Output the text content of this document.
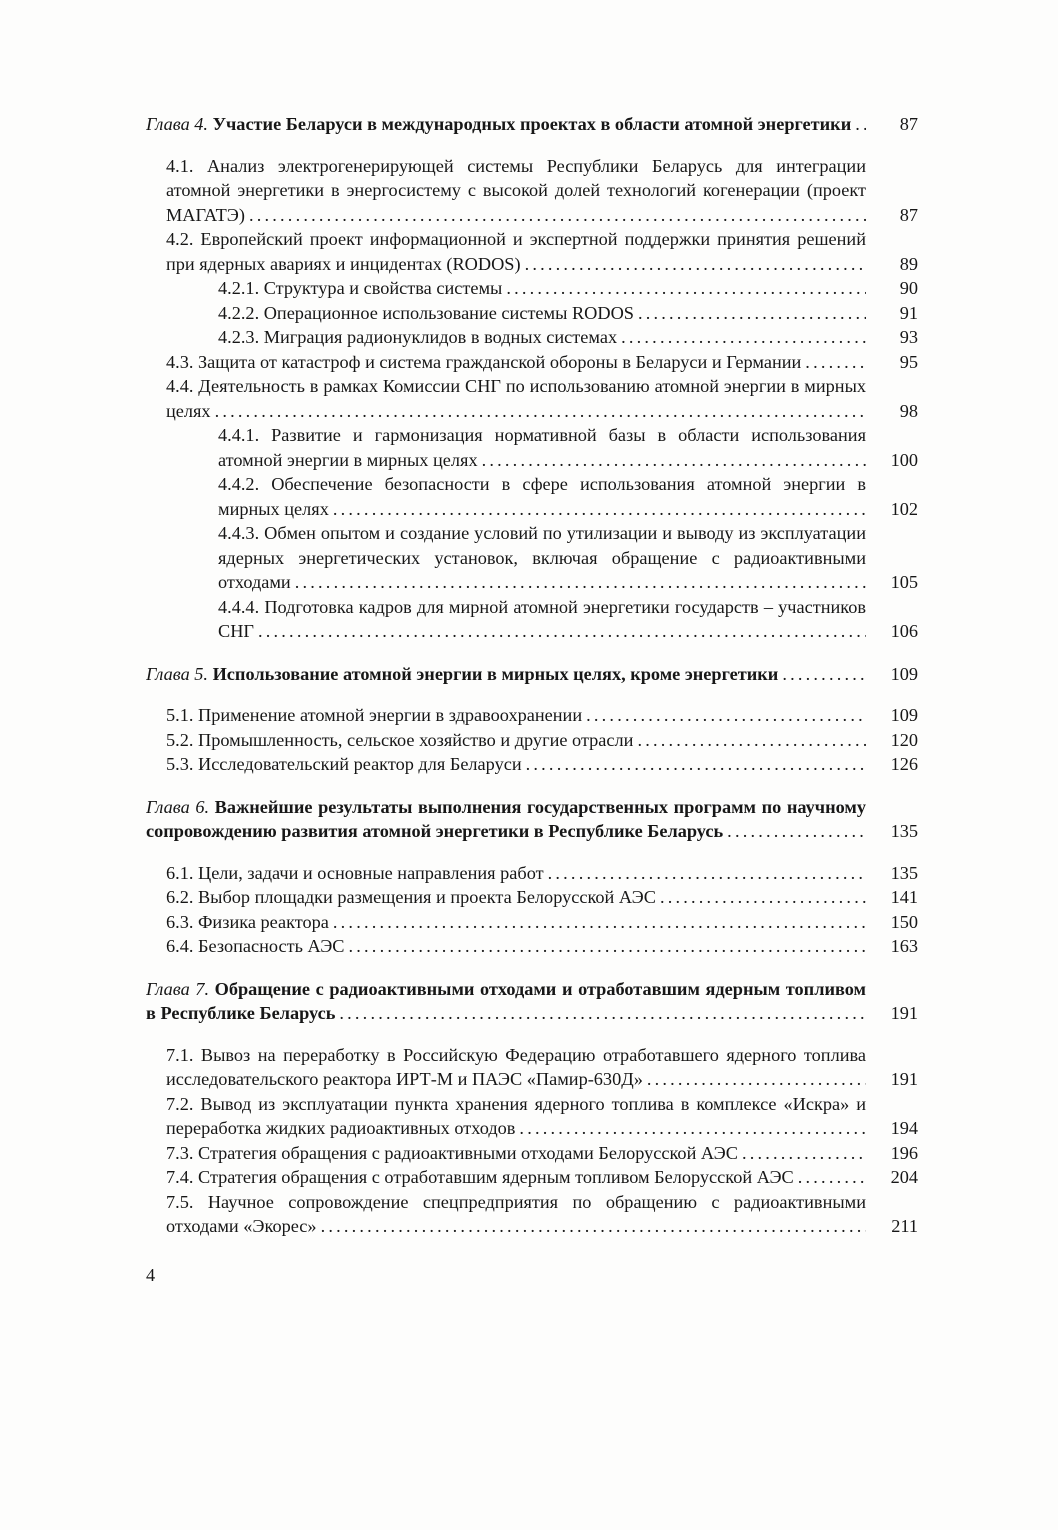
Глава 4. Участие Беларуси в международных проектах в области атомной энергетики .....	87
4.1. Анализ электрогенерирующей системы Республики Беларусь для интеграции атомной энергетики в энергосистему с высокой долей технологий когенерации (проект МАГАТЭ) .....	87
4.2. Европейский проект информационной и экспертной поддержки принятия решений при ядерных авариях и инцидентах (RODOS) .....	89
4.2.1. Структура и свойства системы .....	90
4.2.2. Операционное использование системы RODOS .....	91
4.2.3. Миграция радионуклидов в водных системах .....	93
4.3. Защита от катастроф и система гражданской обороны в Беларуси и Германии .....	95
4.4. Деятельность в рамках Комиссии СНГ по использованию атомной энергии в мирных целях .....	98
4.4.1. Развитие и гармонизация нормативной базы в области использования атомной энергии в мирных целях .....	100
4.4.2. Обеспечение безопасности в сфере использования атомной энергии в мирных целях .....	102
4.4.3. Обмен опытом и создание условий по утилизации и выводу из эксплуатации ядерных энергетических установок, включая обращение с радиоактивными отходами .....	105
4.4.4. Подготовка кадров для мирной атомной энергетики государств – участников СНГ .....	106
Глава 5. Использование атомной энергии в мирных целях, кроме энергетики .....	109
5.1. Применение атомной энергии в здравоохранении .....	109
5.2. Промышленность, сельское хозяйство и другие отрасли .....	120
5.3. Исследовательский реактор для Беларуси .....	126
Глава 6. Важнейшие результаты выполнения государственных программ по научному сопровождению развития атомной энергетики в Республике Беларусь .....	135
6.1. Цели, задачи и основные направления работ .....	135
6.2. Выбор площадки размещения и проекта Белорусской АЭС .....	141
6.3. Физика реактора .....	150
6.4. Безопасность АЭС .....	163
Глава 7. Обращение с радиоактивными отходами и отработавшим ядерным топливом в Республике Беларусь .....	191
7.1. Вывоз на переработку в Российскую Федерацию отработавшего ядерного топлива исследовательского реактора ИРТ-М и ПАЭС «Памир-630Д» .....	191
7.2. Вывод из эксплуатации пункта хранения ядерного топлива в комплексе «Искра» и переработка жидких радиоактивных отходов .....	194
7.3. Стратегия обращения с радиоактивными отходами Белорусской АЭС .....	196
7.4. Стратегия обращения с отработавшим ядерным топливом Белорусской АЭС .....	204
7.5. Научное сопровождение спецпредприятия по обращению с радиоактивными отходами «Экорес» .....	211
4
